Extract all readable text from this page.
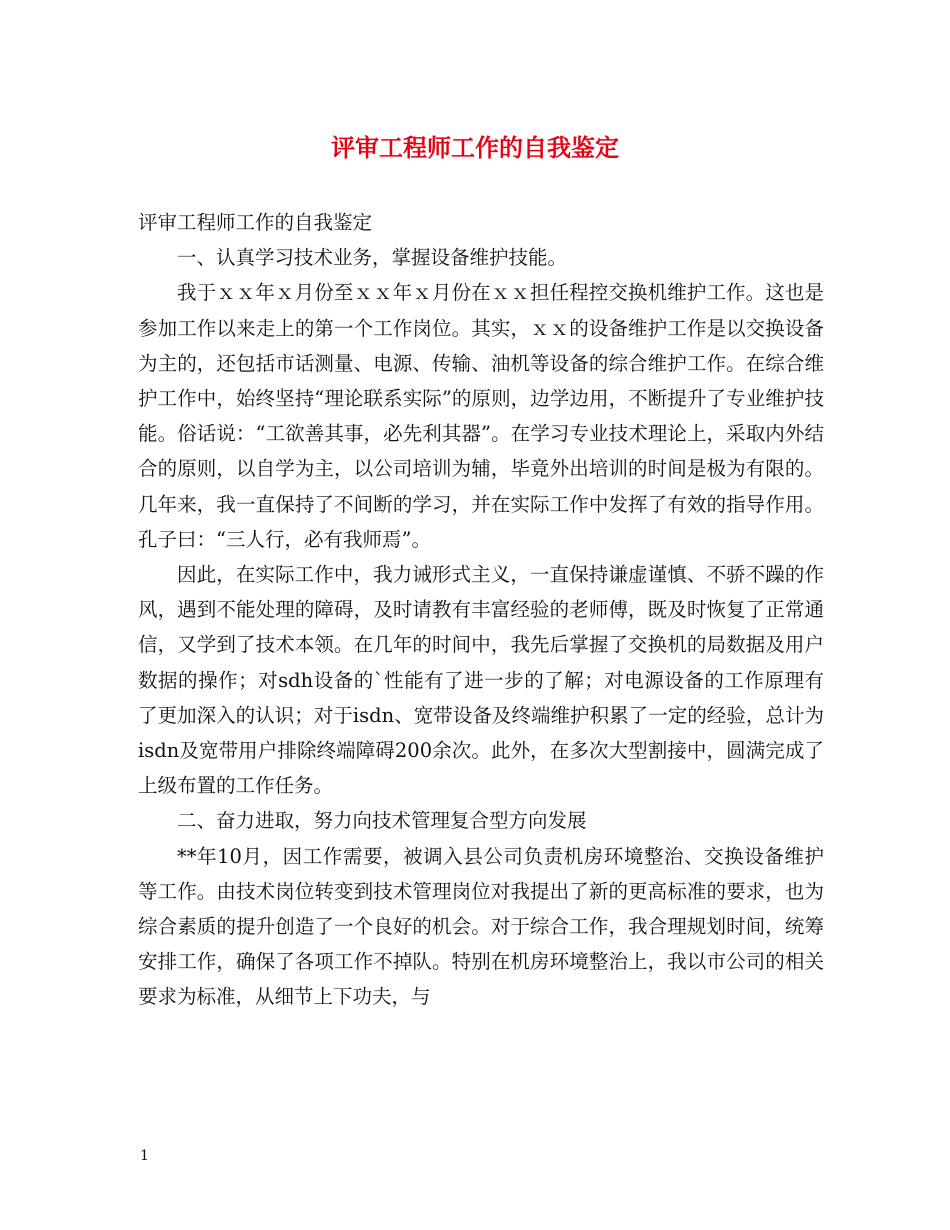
评审工程师工作的自我鉴定

评审工程师工作的自我鉴定

一、认真学习技术业务，掌握设备维护技能。

我于ｘｘ年ｘ月份至ｘｘ年ｘ月份在ｘｘ担任程控交换机维护工作。这也是参加工作以来走上的第一个工作岗位。其实，ｘｘ的设备维护工作是以交换设备为主的，还包括市话测量、电源、传输、油机等设备的综合维护工作。在综合维护工作中，始终坚持“理论联系实际”的原则，边学边用，不断提升了专业维护技能。俗话说：“工欲善其事，必先利其器”。在学习专业技术理论上，采取内外结合的原则，以自学为主，以公司培训为辅，毕竟外出培训的时间是极为有限的。几年来，我一直保持了不间断的学习，并在实际工作中发挥了有效的指导作用。孔子曰：“三人行，必有我师焉”。

因此，在实际工作中，我力诫形式主义，一直保持谦虚谨慎、不骄不躁的作风，遇到不能处理的障碍，及时请教有丰富经验的老师傅，既及时恢复了正常通信，又学到了技术本领。在几年的时间中，我先后掌握了交换机的局数据及用户数据的操作；对sdh设备的`性能有了进一步的了解；对电源设备的工作原理有了更加深入的认识；对于isdn、宽带设备及终端维护积累了一定的经验，总计为isdn及宽带用户排除终端障碍200余次。此外，在多次大型割接中，圆满完成了上级布置的工作任务。

二、奋力进取，努力向技术管理复合型方向发展

**年10月，因工作需要，被调入县公司负责机房环境整治、交换设备维护等工作。由技术岗位转变到技术管理岗位对我提出了新的更高标准的要求，也为综合素质的提升创造了一个良好的机会。对于综合工作，我合理规划时间，统筹安排工作，确保了各项工作不掉队。特别在机房环境整治上，我以市公司的相关要求为标准，从细节上下功夫，与

1
